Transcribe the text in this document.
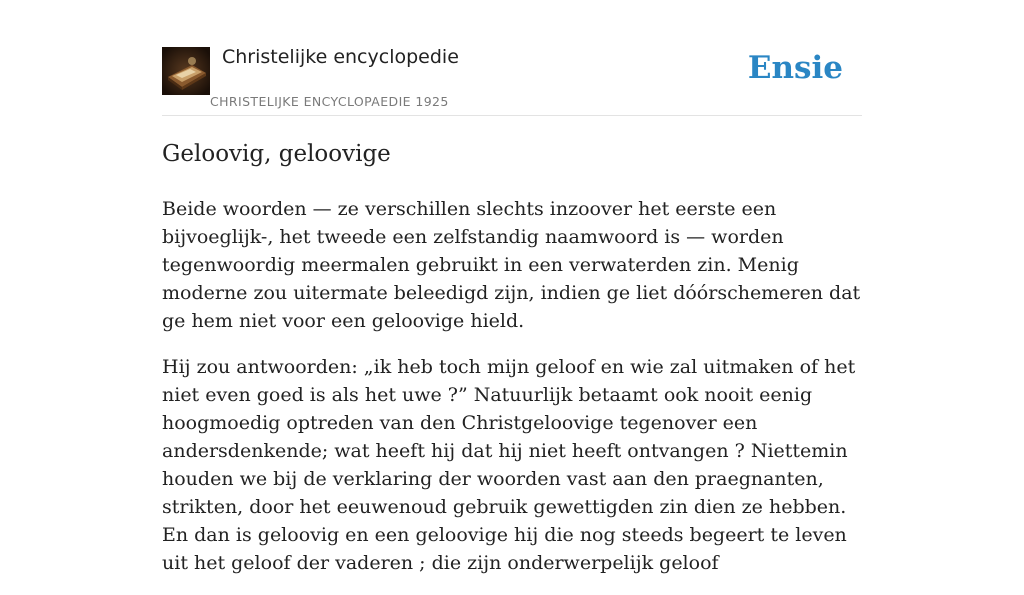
Christelijke encyclopedie
CHRISTELIJKE ENCYCLOPAEDIE 1925
Ensie
Geloovig, geloovige

Beide woorden — ze verschillen slechts inzoover het eerste een bijvoeglijk-, het tweede een zelfstandig naamwoord is — worden tegenwoordig meermalen gebruikt in een verwaterden zin. Menig moderne zou uitermate beleedigd zijn, indien ge liet dóórschemeren dat ge hem niet voor een geloovige hield.

Hij zou antwoorden: „ik heb toch mijn geloof en wie zal uitmaken of het niet even goed is als het uwe ?” Natuurlijk betaamt ook nooit eenig hoogmoedig optreden van den Christgeloovige tegenover een andersdenkende; wat heeft hij dat hij niet heeft ontvangen ? Niettemin houden we bij de verklaring der woorden vast aan den praegnanten, strikten, door het eeuwenoud gebruik gewettigden zin dien ze hebben. En dan is geloovig en een geloovige hij die nog steeds begeert te leven uit het geloof der vaderen ; die zijn onderwerpelijk geloof
